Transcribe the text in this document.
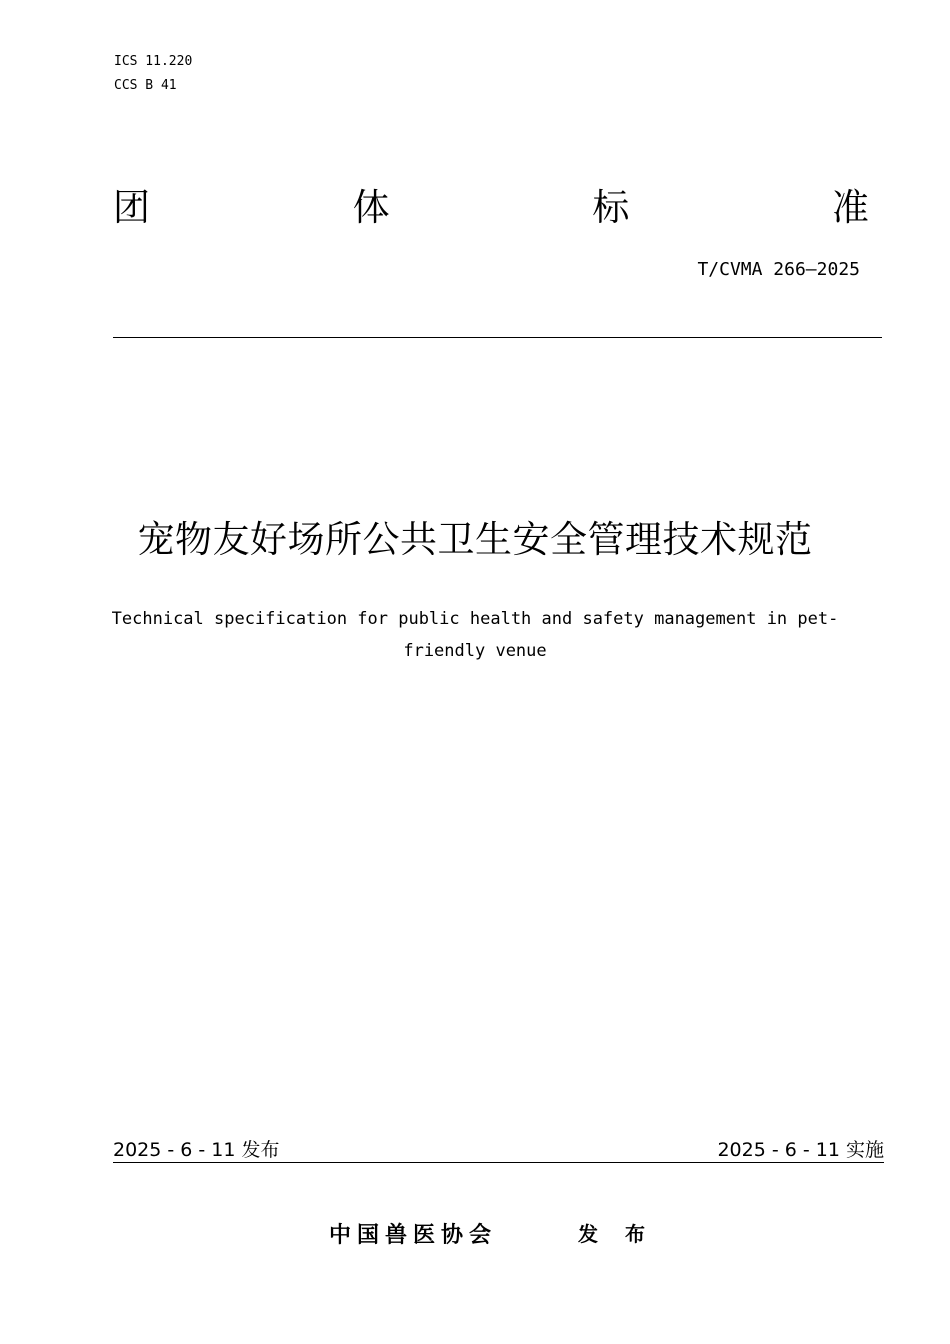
ICS 11.220
CCS B 41
团	体	标	准
T/CVMA 266—2025
宠物友好场所公共卫生安全管理技术规范
Technical specification for public health and safety management in pet-friendly venue
2025 - 6 - 11 发布	2025 - 6 - 11 实施
中国兽医协会	发 布
